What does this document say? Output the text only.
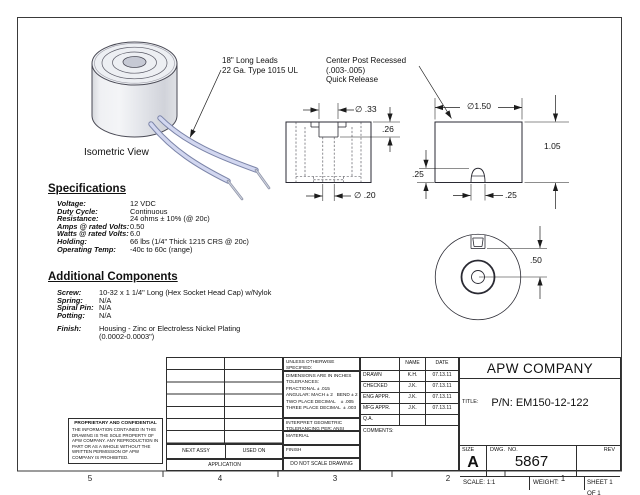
18" Long Leads
22 Ga. Type 1015 UL
Center Post Recessed
(.003-.005)
Quick Release
Isometric View
∅ .33
.26
∅ .20
∅1.50
1.05
.25
.25
.50
Specifications
Voltage:	12 VDC
Duty Cycle:	Continuous
Resistance:	24 ohms ± 10% (@ 20c)
Amps @ rated Volts: 0.50
Watts @ rated Volts: 6.0
Holding:	66 lbs (1/4" Thick 1215 CRS @ 20c)
Operating Temp:	-40c to 60c (range)
Additional Components
Screw:	10-32 x 1 1/4" Long (Hex Socket Head Cap) w/Nylok
Spring:	N/A
Spiral Pin: N/A
Potting:	N/A
Finish:	Housing - Zinc or Electroless Nickel Plating
(0.0002-0.0003")
PROPRIETARY AND CONFIDENTIAL
THE INFORMATION CONTAINED IN THIS DRAWING IS THE SOLE PROPERTY OF APW COMPANY. ANY REPRODUCTION IN PART OR AS A WHOLE WITHOUT THE WRITTEN PERMISSION OF APW COMPANY IS PROHIBITED.
NEXT ASSY	USED ON
APPLICATION
UNLESS OTHERWISE SPECIFIED:
DIMENSIONS ARE IN INCHES
TOLERANCES:
FRACTIONAL ± .015
ANGULAR: MACH ± 2   BEND ± 2
TWO PLACE DECIMAL    ± .005
THREE PLACE DECIMAL  ± .003
INTERPRET GEOMETRIC
TOLERANCING PER: ANSI
MATERIAL
FINISH
DO NOT SCALE DRAWING
NAME	DATE
DRAWN	K.H.	07.13.11
CHECKED	J.K.	07.13.11
ENG APPR.	J.K.	07.13.11
MFG APPR.	J.K.	07.13.11
Q.A.
COMMENTS:
APW COMPANY
TITLE:	P/N: EM150-12-122
SIZE
A
DWG.  NO.
5867
REV
SCALE: 1:1	WEIGHT:	SHEET 1 OF 1
5	4	3	2	1
